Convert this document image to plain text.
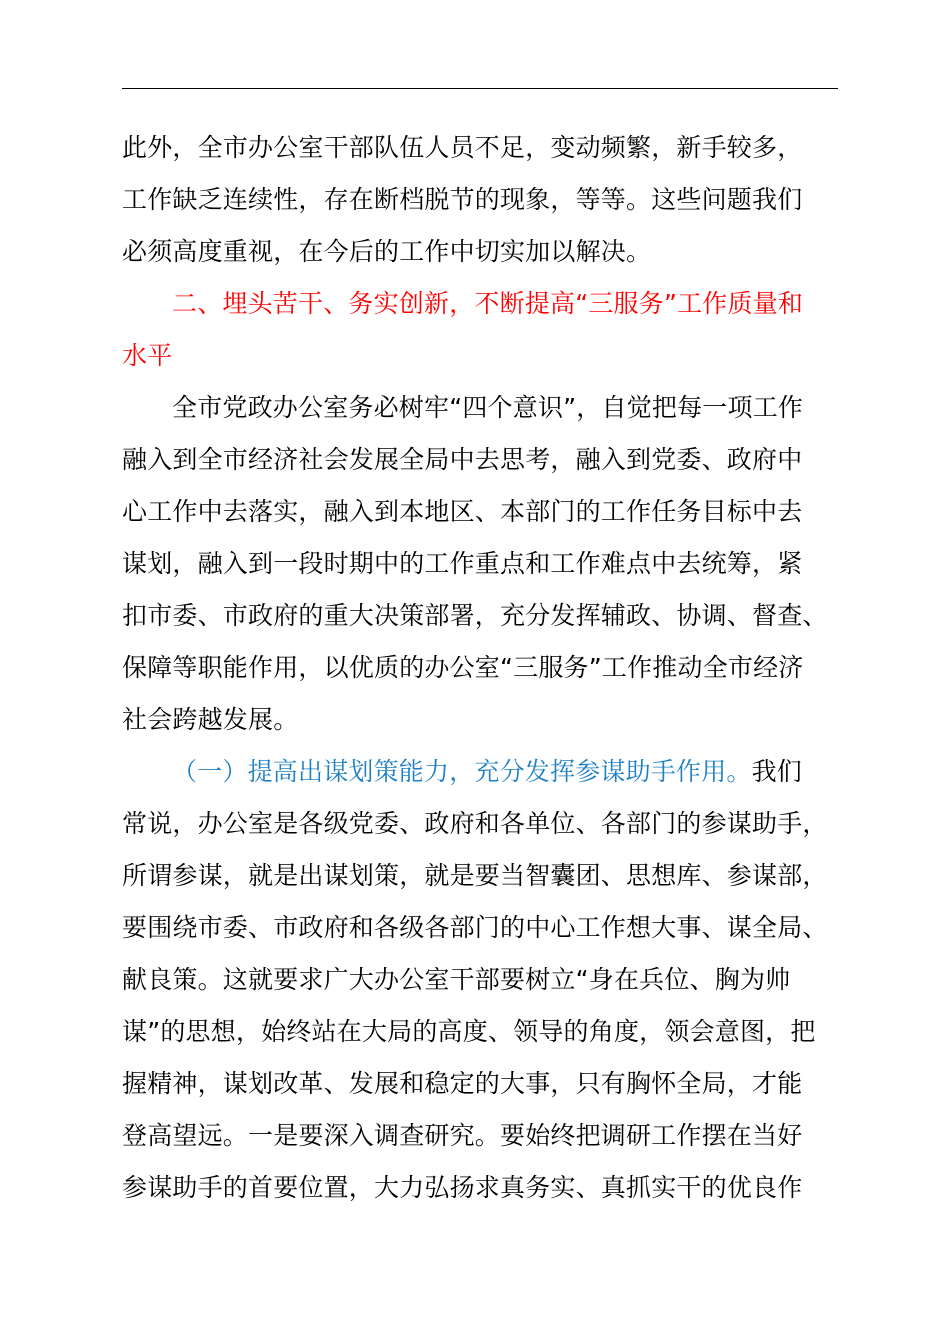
此外，全市办公室干部队伍人员不足，变动频繁，新手较多，
工作缺乏连续性，存在断档脱节的现象，等等。这些问题我们
必须高度重视，在今后的工作中切实加以解决。
二、埋头苦干、务实创新，不断提高“三服务”工作质量和
水平
全市党政办公室务必树牢“四个意识”，自觉把每一项工作
融入到全市经济社会发展全局中去思考，融入到党委、政府中
心工作中去落实，融入到本地区、本部门的工作任务目标中去
谋划，融入到一段时期中的工作重点和工作难点中去统筹，紧
扣市委、市政府的重大决策部署，充分发挥辅政、协调、督查、
保障等职能作用，以优质的办公室“三服务”工作推动全市经济
社会跨越发展。
（一）提高出谋划策能力，充分发挥参谋助手作用。我们
常说，办公室是各级党委、政府和各单位、各部门的参谋助手，
所谓参谋，就是出谋划策，就是要当智囊团、思想库、参谋部，
要围绕市委、市政府和各级各部门的中心工作想大事、谋全局、
献良策。这就要求广大办公室干部要树立“身在兵位、胸为帅
谋”的思想，始终站在大局的高度、领导的角度，领会意图，把
握精神，谋划改革、发展和稳定的大事，只有胸怀全局，才能
登高望远。一是要深入调查研究。要始终把调研工作摆在当好
参谋助手的首要位置，大力弘扬求真务实、真抓实干的优良作
